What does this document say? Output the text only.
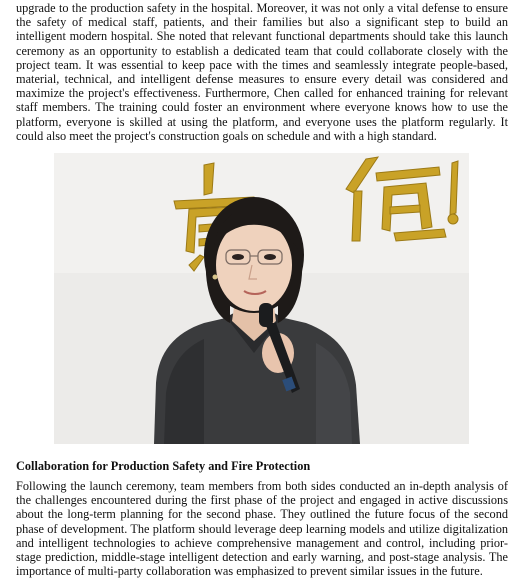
upgrade to the production safety in the hospital. Moreover, it was not only a vital defense to ensure the safety of medical staff, patients, and their families but also a significant step to build an intelligent modern hospital. She noted that relevant functional departments should take this launch ceremony as an opportunity to establish a dedicated team that could collaborate closely with the project team. It was essential to keep pace with the times and seamlessly integrate people-based, material, technical, and intelligent defense measures to ensure every detail was considered and maximize the project's effectiveness. Furthermore, Chen called for enhanced training for relevant staff members. The training could foster an environment where everyone knows how to use the platform, everyone is skilled at using the platform, and everyone uses the platform regularly. It could also meet the project's construction goals on schedule and with a high standard.

Collaboration for Production Safety and Fire Protection

Following the launch ceremony, team members from both sides conducted an in-depth analysis of the challenges encountered during the first phase of the project and engaged in active discussions about the long-term planning for the second phase. They outlined the future focus of the second phase of development. The platform should leverage deep learning models and utilize digitalization and intelligent technologies to achieve comprehensive management and control, including prior-stage prediction, middle-stage intelligent detection and early warning, and post-stage analysis. The importance of multi-party collaboration was emphasized to prevent similar issues in the future.
